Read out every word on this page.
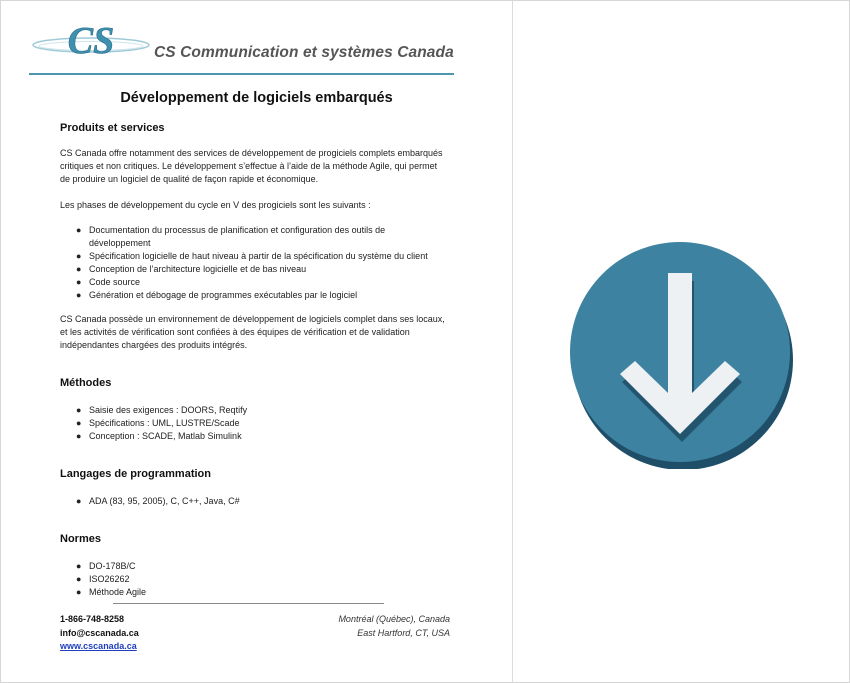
CS	CS Communication et systèmes Canada
Développement de logiciels embarqués
Produits et services
CS Canada offre notamment des services de développement de progiciels complets embarqués
critiques et non critiques. Le développement s’effectue à l’aide de la méthode Agile, qui permet
de produire un logiciel de qualité de façon rapide et économique.
Les phases de développement du cycle en V des progiciels sont les suivants :
● Documentation du processus de planification et configuration des outils de
développement
● Spécification logicielle de haut niveau à partir de la spécification du système du client
● Conception de l’architecture logicielle et de bas niveau
● Code source
● Génération et débogage de programmes exécutables par le logiciel
CS Canada possède un environnement de développement de logiciels complet dans ses locaux,
et les activités de vérification sont confiées à des équipes de vérification et de validation
indépendantes chargées des produits intégrés.
Méthodes
● Saisie des exigences : DOORS, Reqtify
● Spécifications : UML, LUSTRE/Scade
● Conception : SCADE, Matlab Simulink
Langages de programmation
● ADA (83, 95, 2005), C, C++, Java, C#
Normes
● DO-178B/C
● ISO26262
● Méthode Agile
1-866-748-8258
info@cscanada.ca
www.cscanada.ca
Montréal (Québec), Canada
East Hartford, CT, USA
